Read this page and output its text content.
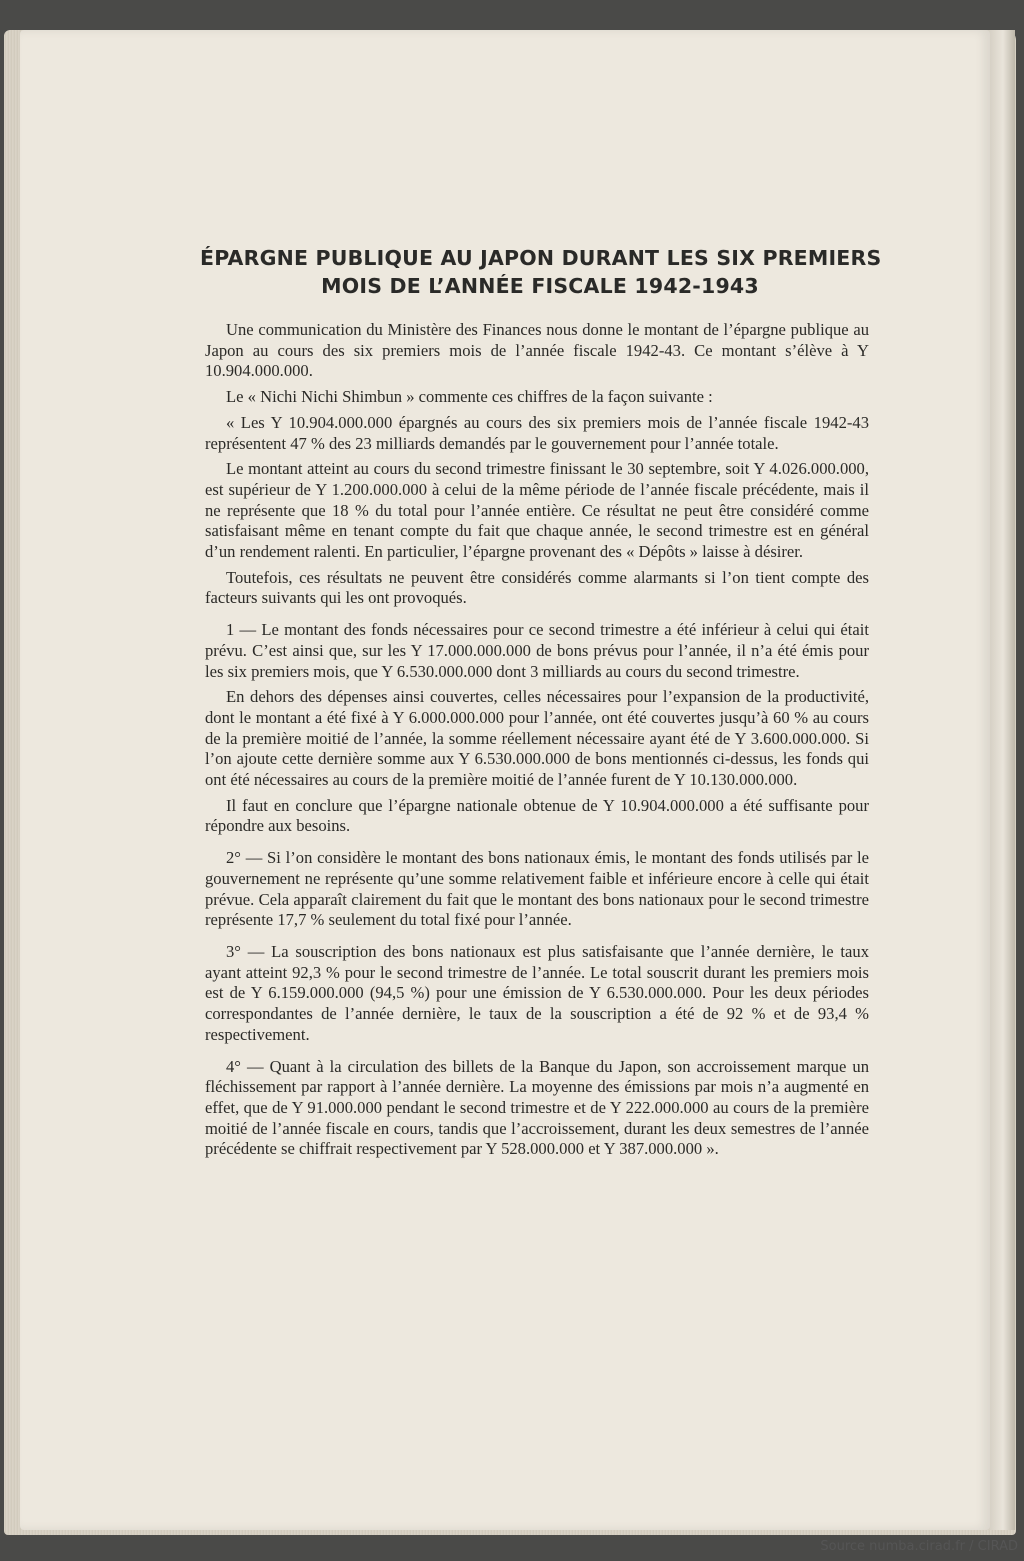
ÉPARGNE PUBLIQUE AU JAPON DURANT LES SIX PREMIERS
MOIS DE L’ANNÉE FISCALE 1942-1943

Une communication du Ministère des Finances nous donne le montant de l’épargne publique au Japon au cours des six premiers mois de l’année fiscale 1942-43. Ce montant s’élève à Y 10.904.000.000.

Le « Nichi Nichi Shimbun » commente ces chiffres de la façon suivante :

« Les Y 10.904.000.000 épargnés au cours des six premiers mois de l’année fiscale 1942-43 représentent 47 % des 23 milliards demandés par le gouvernement pour l’année totale.

Le montant atteint au cours du second trimestre finissant le 30 septembre, soit Y 4.026.000.000, est supérieur de Y 1.200.000.000 à celui de la même période de l’année fiscale précédente, mais il ne représente que 18 % du total pour l’année entière. Ce résultat ne peut être considéré comme satisfaisant même en tenant compte du fait que chaque année, le second trimestre est en général d’un rendement ralenti. En particulier, l’épargne provenant des « Dépôts » laisse à désirer.

Toutefois, ces résultats ne peuvent être considérés comme alarmants si l’on tient compte des facteurs suivants qui les ont provoqués.

1 — Le montant des fonds nécessaires pour ce second trimestre a été inférieur à celui qui était prévu. C’est ainsi que, sur les Y 17.000.000.000 de bons prévus pour l’année, il n’a été émis pour les six premiers mois, que Y 6.530.000.000 dont 3 milliards au cours du second trimestre.

En dehors des dépenses ainsi couvertes, celles nécessaires pour l’expansion de la productivité, dont le montant a été fixé à Y 6.000.000.000 pour l’année, ont été couvertes jusqu’à 60 % au cours de la première moitié de l’année, la somme réellement nécessaire ayant été de Y 3.600.000.000. Si l’on ajoute cette dernière somme aux Y 6.530.000.000 de bons mentionnés ci-dessus, les fonds qui ont été nécessaires au cours de la première moitié de l’année furent de Y 10.130.000.000.

Il faut en conclure que l’épargne nationale obtenue de Y 10.904.000.000 a été suffisante pour répondre aux besoins.

2° — Si l’on considère le montant des bons nationaux émis, le montant des fonds utilisés par le gouvernement ne représente qu’une somme relativement faible et inférieure encore à celle qui était prévue. Cela apparaît clairement du fait que le montant des bons nationaux pour le second trimestre représente 17,7 % seulement du total fixé pour l’année.

3° — La souscription des bons nationaux est plus satisfaisante que l’année dernière, le taux ayant atteint 92,3 % pour le second trimestre de l’année. Le total souscrit durant les premiers mois est de Y 6.159.000.000 (94,5 %) pour une émission de Y 6.530.000.000. Pour les deux périodes correspondantes de l’année dernière, le taux de la souscription a été de 92 % et de 93,4 % respectivement.

4° — Quant à la circulation des billets de la Banque du Japon, son accroissement marque un fléchissement par rapport à l’année dernière. La moyenne des émissions par mois n’a augmenté en effet, que de Y 91.000.000 pendant le second trimestre et de Y 222.000.000 au cours de la première moitié de l’année fiscale en cours, tandis que l’accroissement, durant les deux semestres de l’année précédente se chiffrait respectivement par Y 528.000.000 et Y 387.000.000 ».

Source numba.cirad.fr / CIRAD
